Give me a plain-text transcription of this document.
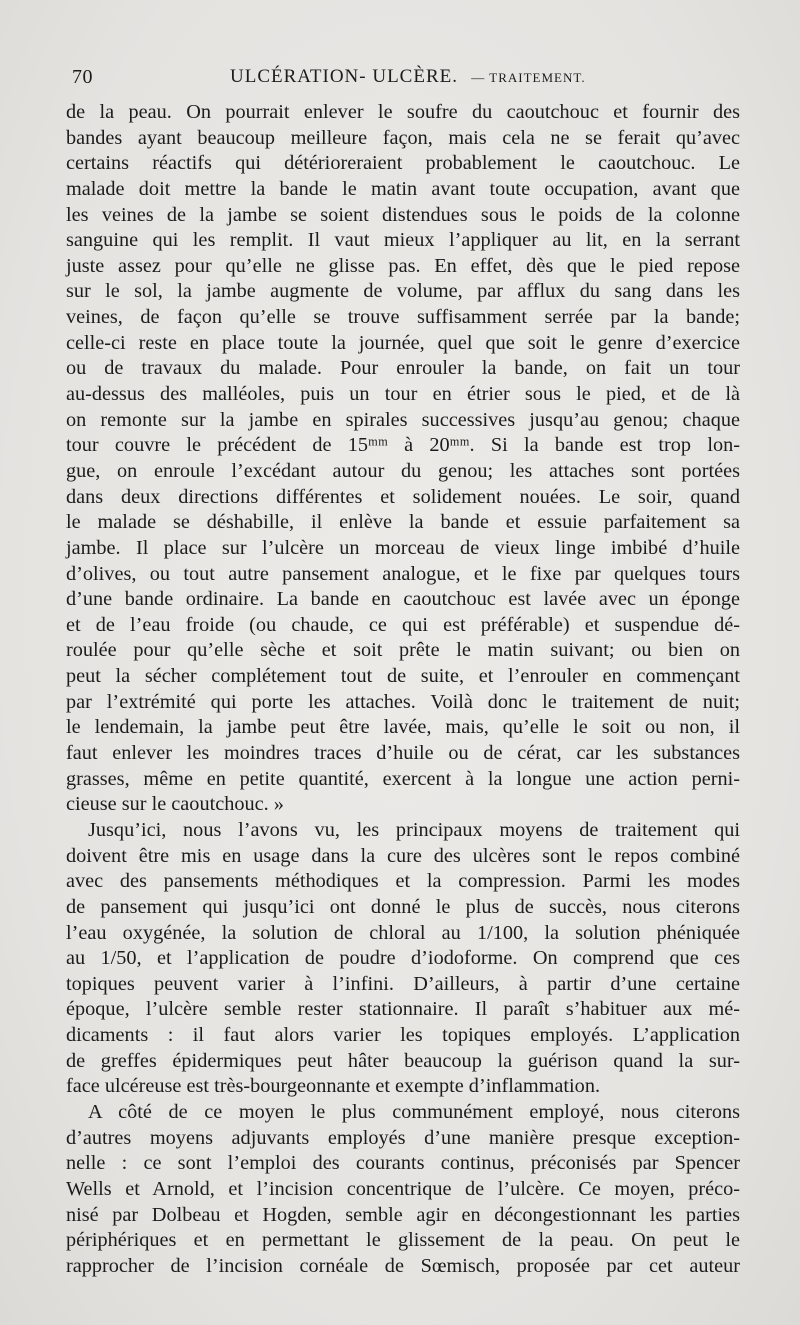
70	ULCÉRATION- ULCÈRE. — TRAITEMENT.
de la peau. On pourrait enlever le soufre du caoutchouc et fournir des
bandes ayant beaucoup meilleure façon, mais cela ne se ferait qu’avec
certains réactifs qui détérioreraient probablement le caoutchouc. Le
malade doit mettre la bande le matin avant toute occupation, avant que
les veines de la jambe se soient distendues sous le poids de la colonne
sanguine qui les remplit. Il vaut mieux l’appliquer au lit, en la serrant
juste assez pour qu’elle ne glisse pas. En effet, dès que le pied repose
sur le sol, la jambe augmente de volume, par afflux du sang dans les
veines, de façon qu’elle se trouve suffisamment serrée par la bande;
celle-ci reste en place toute la journée, quel que soit le genre d’exercice
ou de travaux du malade. Pour enrouler la bande, on fait un tour
au-dessus des malléoles, puis un tour en étrier sous le pied, et de là
on remonte sur la jambe en spirales successives jusqu’au genou; chaque
tour couvre le précédent de 15ᵐᵐ à 20ᵐᵐ. Si la bande est trop lon-
gue, on enroule l’excédant autour du genou; les attaches sont portées
dans deux directions différentes et solidement nouées. Le soir, quand
le malade se déshabille, il enlève la bande et essuie parfaitement sa
jambe. Il place sur l’ulcère un morceau de vieux linge imbibé d’huile
d’olives, ou tout autre pansement analogue, et le fixe par quelques tours
d’une bande ordinaire. La bande en caoutchouc est lavée avec un éponge
et de l’eau froide (ou chaude, ce qui est préférable) et suspendue dé-
roulée pour qu’elle sèche et soit prête le matin suivant; ou bien on
peut la sécher complétement tout de suite, et l’enrouler en commençant
par l’extrémité qui porte les attaches. Voilà donc le traitement de nuit;
le lendemain, la jambe peut être lavée, mais, qu’elle le soit ou non, il
faut enlever les moindres traces d’huile ou de cérat, car les substances
grasses, même en petite quantité, exercent à la longue une action perni-
cieuse sur le caoutchouc. »
Jusqu’ici, nous l’avons vu, les principaux moyens de traitement qui
doivent être mis en usage dans la cure des ulcères sont le repos combiné
avec des pansements méthodiques et la compression. Parmi les modes
de pansement qui jusqu’ici ont donné le plus de succès, nous citerons
l’eau oxygénée, la solution de chloral au 1/100, la solution phéniquée
au 1/50, et l’application de poudre d’iodoforme. On comprend que ces
topiques peuvent varier à l’infini. D’ailleurs, à partir d’une certaine
époque, l’ulcère semble rester stationnaire. Il paraît s’habituer aux mé-
dicaments : il faut alors varier les topiques employés. L’application
de greffes épidermiques peut hâter beaucoup la guérison quand la sur-
face ulcéreuse est très-bourgeonnante et exempte d’inflammation.
A côté de ce moyen le plus communément employé, nous citerons
d’autres moyens adjuvants employés d’une manière presque exception-
nelle : ce sont l’emploi des courants continus, préconisés par Spencer
Wells et Arnold, et l’incision concentrique de l’ulcère. Ce moyen, préco-
nisé par Dolbeau et Hogden, semble agir en décongestionnant les parties
périphériques et en permettant le glissement de la peau. On peut le
rapprocher de l’incision cornéale de Sœmisch, proposée par cet auteur
